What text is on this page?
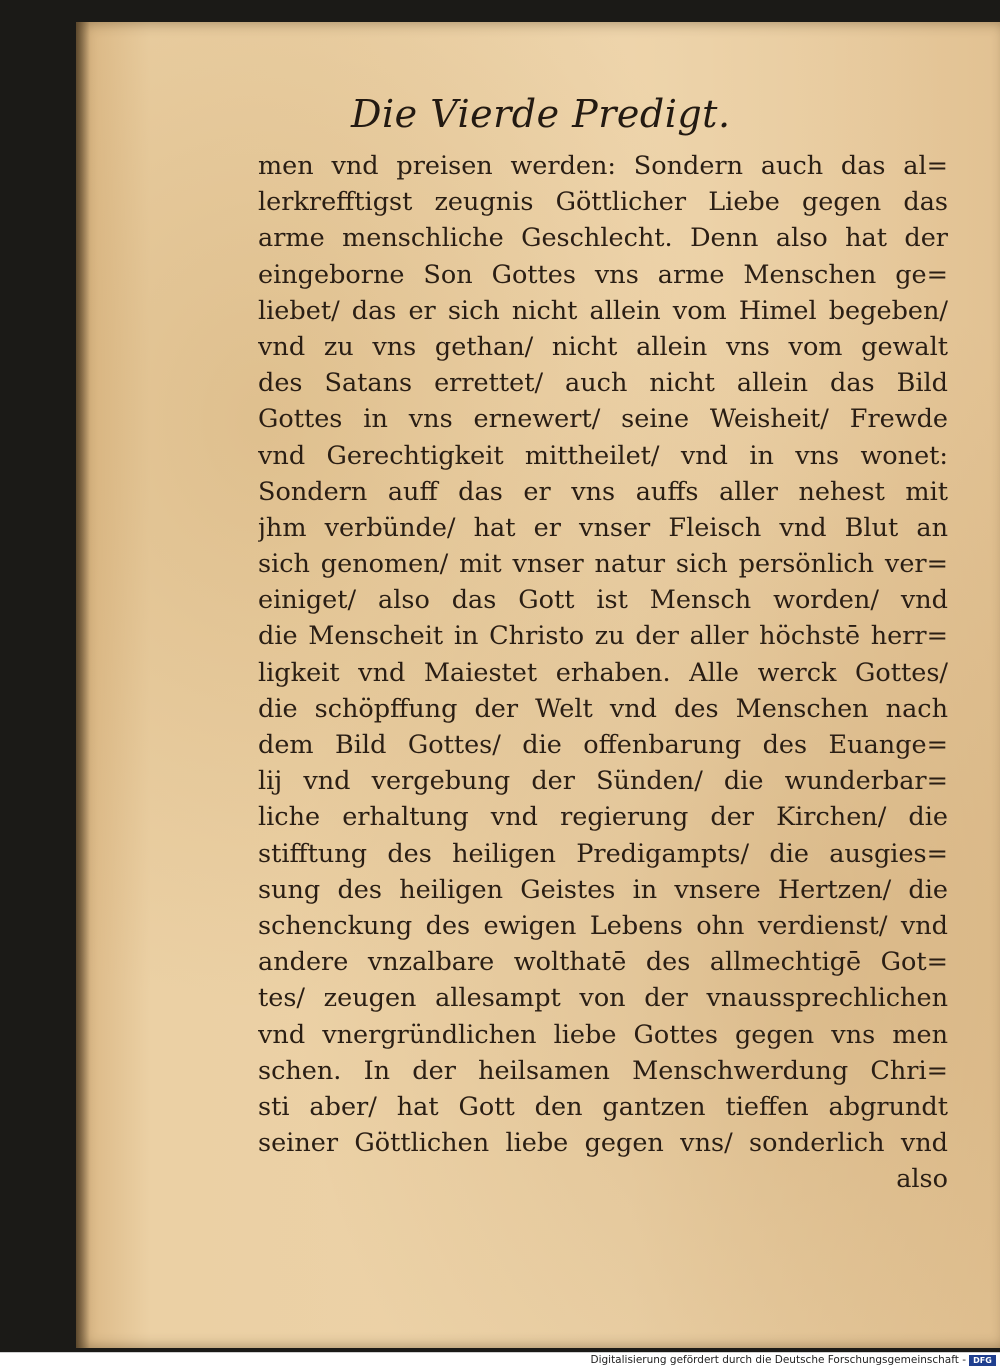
Die Vierde Predigt.
men vnd preisen werden: Sondern auch das al=
lerkrefftigst zeugnis Göttlicher Liebe gegen das
arme menschliche Geschlecht. Denn also hat der
eingeborne Son Gottes vns arme Menschen ge=
liebet/ das er sich nicht allein vom Himel begeben/
vnd zu vns gethan/ nicht allein vns vom gewalt
des Satans errettet/ auch nicht allein das Bild
Gottes in vns ernewert/ seine Weisheit/ Frewde
vnd Gerechtigkeit mittheilet/ vnd in vns wonet:
Sondern auff das er vns auffs aller nehest mit
jhm verbünde/ hat er vnser Fleisch vnd Blut an
sich genomen/ mit vnser natur sich persönlich ver=
einiget/ also das Gott ist Mensch worden/ vnd
die Menscheit in Christo zu der aller höchstē herr=
ligkeit vnd Maiestet erhaben. Alle werck Gottes/
die schöpffung der Welt vnd des Menschen nach
dem Bild Gottes/ die offenbarung des Euange=
lij vnd vergebung der Sünden/ die wunderbar=
liche erhaltung vnd regierung der Kirchen/ die
stifftung des heiligen Predigampts/ die ausgies=
sung des heiligen Geistes in vnsere Hertzen/ die
schenckung des ewigen Lebens ohn verdienst/ vnd
andere vnzalbare wolthatē des allmechtigē Got=
tes/ zeugen allesampt von der vnaussprechlichen
vnd vnergründlichen liebe Gottes gegen vns men
schen. In der heilsamen Menschwerdung Chri=
sti aber/ hat Gott den gantzen tieffen abgrundt
seiner Göttlichen liebe gegen vns/ sonderlich vnd
also
Digitalisierung gefördert durch die Deutsche Forschungsgemeinschaft - DFG
